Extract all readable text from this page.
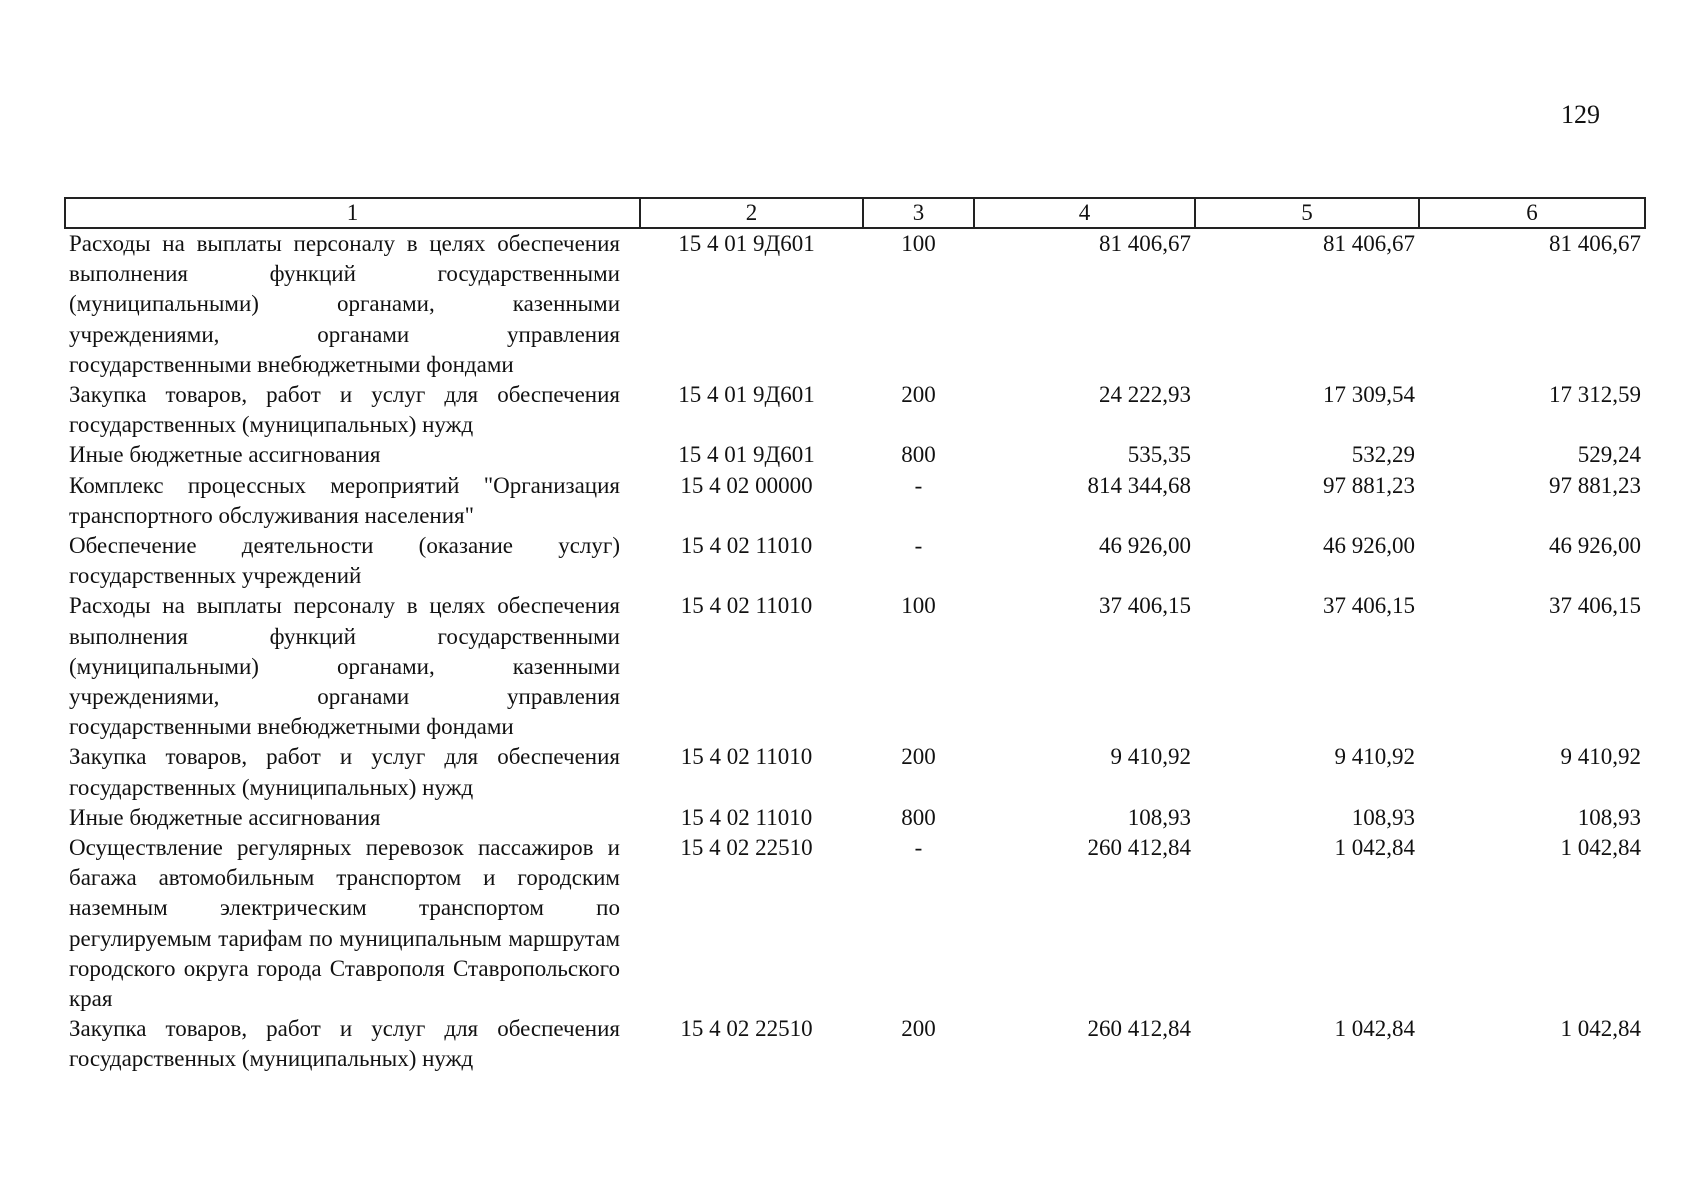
129
1	2	3	4	5	6
Расходы на выплаты персоналу в целях обеспечения выполнения функций государственными (муниципальными) органами, казенными учреждениями, органами управления государственными внебюджетными фондами	15 4 01 9Д601	100	81 406,67	81 406,67	81 406,67
Закупка товаров, работ и услуг для обеспечения государственных (муниципальных) нужд	15 4 01 9Д601	200	24 222,93	17 309,54	17 312,59
Иные бюджетные ассигнования	15 4 01 9Д601	800	535,35	532,29	529,24
Комплекс процессных мероприятий "Организация транспортного обслуживания населения"	15 4 02 00000	-	814 344,68	97 881,23	97 881,23
Обеспечение деятельности (оказание услуг) государственных учреждений	15 4 02 11010	-	46 926,00	46 926,00	46 926,00
Расходы на выплаты персоналу в целях обеспечения выполнения функций государственными (муниципальными) органами, казенными учреждениями, органами управления государственными внебюджетными фондами	15 4 02 11010	100	37 406,15	37 406,15	37 406,15
Закупка товаров, работ и услуг для обеспечения государственных (муниципальных) нужд	15 4 02 11010	200	9 410,92	9 410,92	9 410,92
Иные бюджетные ассигнования	15 4 02 11010	800	108,93	108,93	108,93
Осуществление регулярных перевозок пассажиров и багажа автомобильным транспортом и городским наземным электрическим транспортом по регулируемым тарифам по муниципальным маршрутам городского округа города Ставрополя Ставропольского края	15 4 02 22510	-	260 412,84	1 042,84	1 042,84
Закупка товаров, работ и услуг для обеспечения государственных (муниципальных) нужд	15 4 02 22510	200	260 412,84	1 042,84	1 042,84
